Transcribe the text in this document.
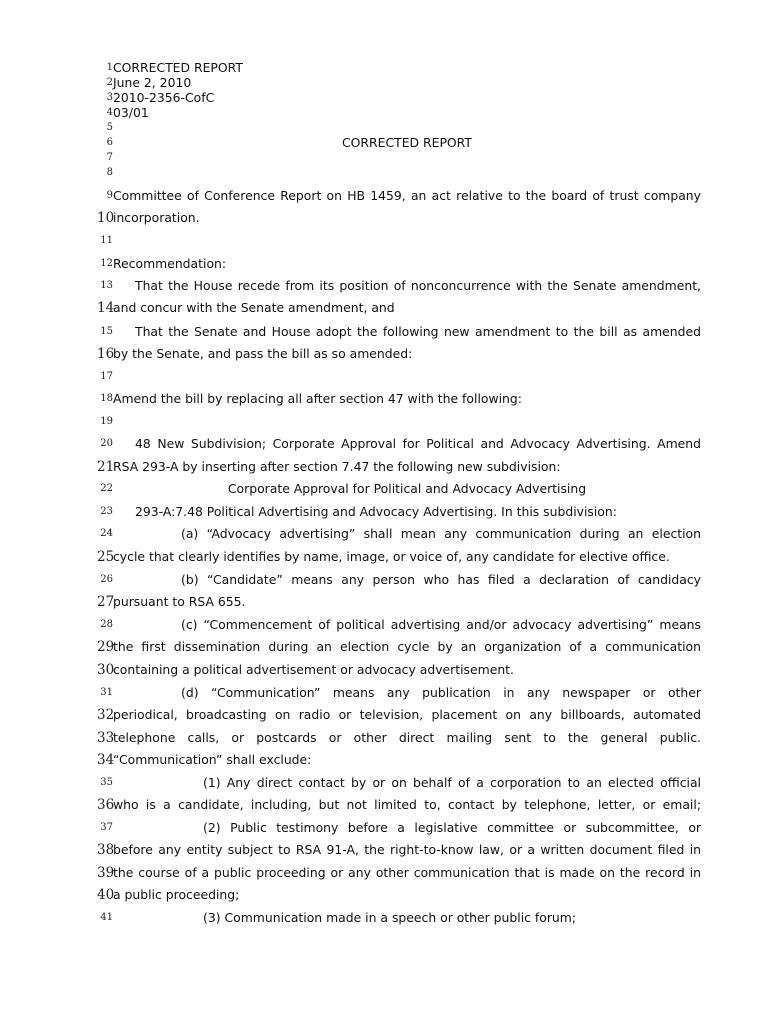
1 CORRECTED REPORT
2 June 2, 2010
3 2010-2356-CofC
4 03/01
5
6	CORRECTED REPORT
7
8
9 Committee of Conference Report on HB 1459, an act relative to the board of trust company
10
incorporation.
11
12 Recommendation:
13 That the House recede from its position of nonconcurrence with the Senate amendment,
14
and concur with the Senate amendment, and
15 That the Senate and House adopt the following new amendment to the bill as amended
16
by the Senate, and pass the bill as so amended:
17
18 Amend the bill by replacing all after section 47 with the following:
19
20 48 New Subdivision; Corporate Approval for Political and Advocacy Advertising. Amend
21
RSA 293-A by inserting after section 7.47 the following new subdivision:
22	Corporate Approval for Political and Advocacy Advertising
23 293-A:7.48 Political Advertising and Advocacy Advertising. In this subdivision:
24	(a) “Advocacy advertising” shall mean any communication during an election
25
cycle that clearly identifies by name, image, or voice of, any candidate for elective office.
26	(b) “Candidate” means any person who has filed a declaration of candidacy
27
pursuant to RSA 655.
28	(c) “Commencement of political advertising and/or advocacy advertising” means
29
the first dissemination during an election cycle by an organization of a communication
30
containing a political advertisement or advocacy advertisement.
31	(d) “Communication” means any publication in any newspaper or other
32
periodical, broadcasting on radio or television, placement on any billboards, automated
33
telephone calls, or postcards or other direct mailing sent to the general public.
34
“Communication” shall exclude:
35	(1) Any direct contact by or on behalf of a corporation to an elected official
36
who is a candidate, including, but not limited to, contact by telephone, letter, or email;
37	(2) Public testimony before a legislative committee or subcommittee, or
38
before any entity subject to RSA 91-A, the right-to-know law, or a written document filed in
39
the course of a public proceeding or any other communication that is made on the record in
40
a public proceeding;
41	(3) Communication made in a speech or other public forum;
